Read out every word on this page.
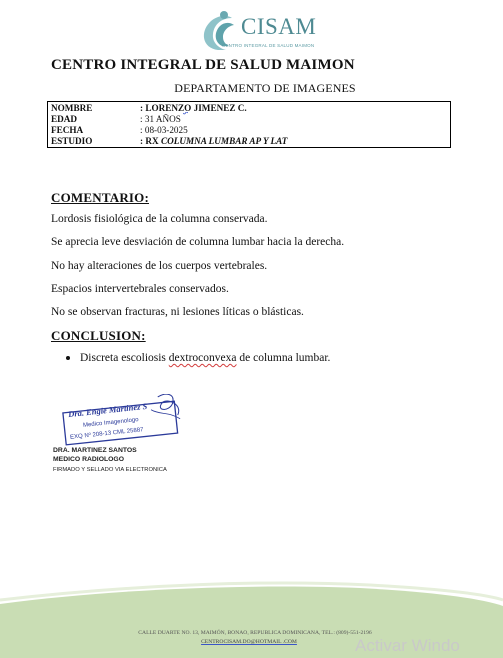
CISAM
CENTRO INTEGRAL DE SALUD MAIMON
CENTRO INTEGRAL DE SALUD MAIMON
DEPARTAMENTO DE IMAGENES
NOMBRE	: LORENZO JIMENEZ C.
EDAD	: 31 AÑOS
FECHA	: 08-03-2025
ESTUDIO	: RX COLUMNA LUMBAR AP Y LAT
COMENTARIO:
Lordosis fisiológica de la columna conservada.
Se aprecia leve desviación de columna lumbar hacia la derecha.
No hay alteraciones de los cuerpos vertebrales.
Espacios intervertebrales conservados.
No se observan fracturas, ni lesiones líticas o blásticas.
CONCLUSION:
Discreta escoliosis dextroconvexa de columna lumbar.
Dra. Engie Martinez S
Medico Imagenologo
EXQ Nº 208-13 CML 25887
DRA. MARTINEZ SANTOS
MEDICO RADIOLOGO
FIRMADO Y SELLADO VIA ELECTRONICA
CALLE DUARTE NO. 13, MAIMÓN, BONAO, REPUBLICA DOMINICANA, TEL.: (809)-551-2196
CENTROCISAM.DO@HOTMAIL .COM	Activar Windo
